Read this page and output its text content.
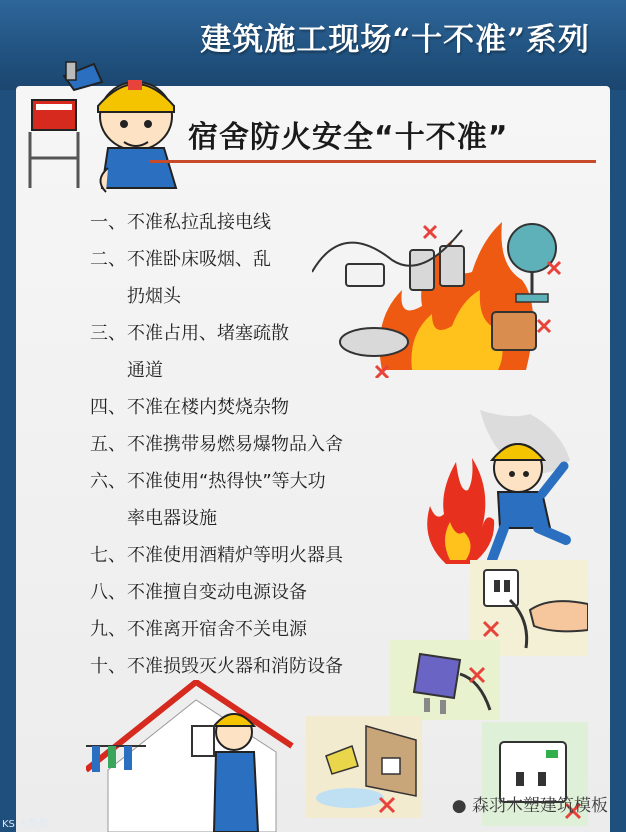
建筑施工现场“十不准”系列
宿舍防火安全“十不准”
一、不准私拉乱接电线
二、不准卧床吸烟、乱
扔烟头
三、不准占用、堵塞疏散
通道
四、不准在楼内焚烧杂物
五、不准携带易燃易爆物品入舍
六、不准使用“热得快”等大功
率电器设施
七、不准使用酒精炉等明火器具
八、不准擅自变动电源设备
九、不准离开宿舍不关电源
十、不准损毁灭火器和消防设备
● 森羽木塑建筑模板
KS 大数据
